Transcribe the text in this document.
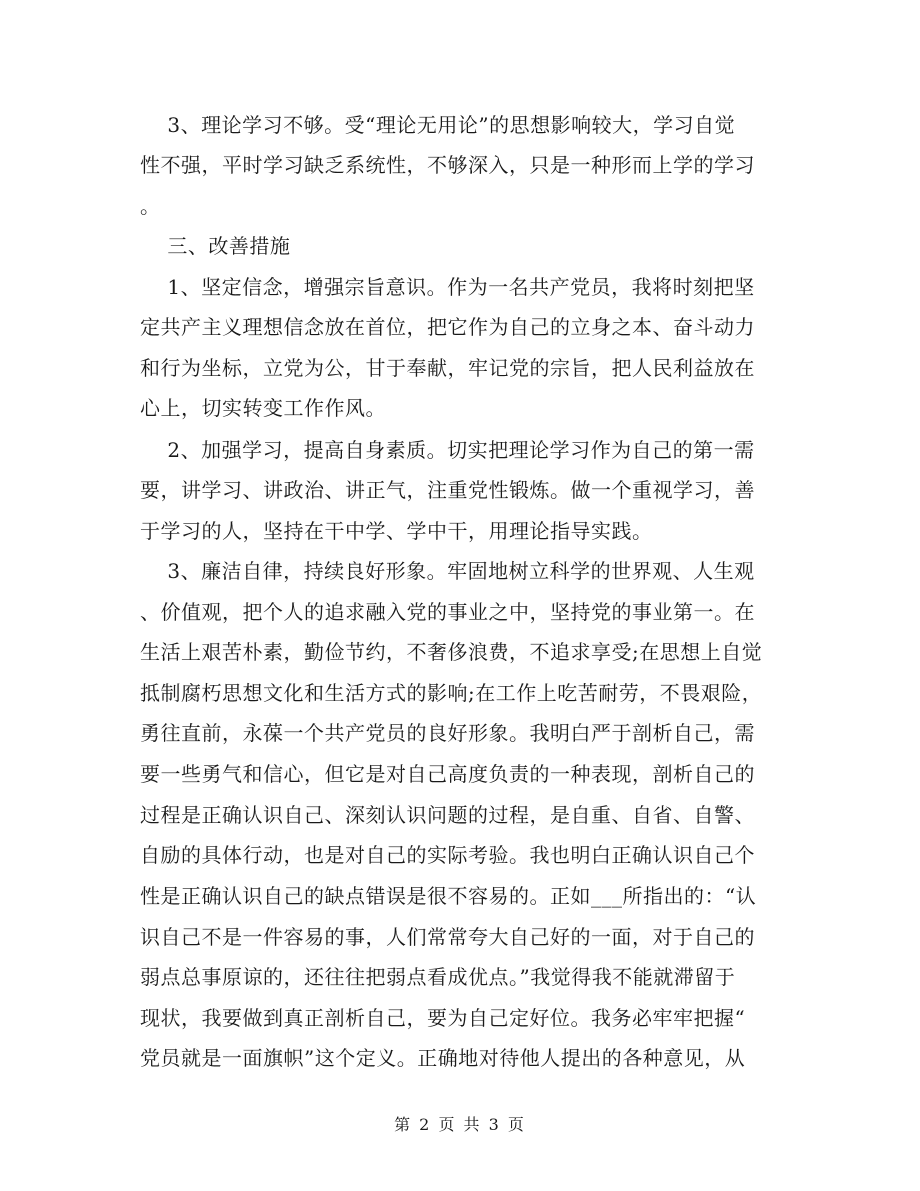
3、理论学习不够。受“理论无用论”的思想影响较大，学习自觉
性不强，平时学习缺乏系统性，不够深入，只是一种形而上学的学习
。
三、改善措施
1、坚定信念，增强宗旨意识。作为一名共产党员，我将时刻把坚
定共产主义理想信念放在首位，把它作为自己的立身之本、奋斗动力
和行为坐标，立党为公，甘于奉献，牢记党的宗旨，把人民利益放在
心上，切实转变工作作风。
2、加强学习，提高自身素质。切实把理论学习作为自己的第一需
要，讲学习、讲政治、讲正气，注重党性锻炼。做一个重视学习，善
于学习的人，坚持在干中学、学中干，用理论指导实践。
3、廉洁自律，持续良好形象。牢固地树立科学的世界观、人生观
、价值观，把个人的追求融入党的事业之中，坚持党的事业第一。在
生活上艰苦朴素，勤俭节约，不奢侈浪费，不追求享受;在思想上自觉
抵制腐朽思想文化和生活方式的影响;在工作上吃苦耐劳，不畏艰险，
勇往直前，永葆一个共产党员的良好形象。我明白严于剖析自己，需
要一些勇气和信心，但它是对自己高度负责的一种表现，剖析自己的
过程是正确认识自己、深刻认识问题的过程，是自重、自省、自警、
自励的具体行动，也是对自己的实际考验。我也明白正确认识自己个
性是正确认识自己的缺点错误是很不容易的。正如___所指出的：“认
识自己不是一件容易的事，人们常常夸大自己好的一面，对于自己的
弱点总事原谅的，还往往把弱点看成优点。”我觉得我不能就滞留于
现状，我要做到真正剖析自己，要为自己定好位。我务必牢牢把握“
党员就是一面旗帜”这个定义。正确地对待他人提出的各种意见，从
第 2 页 共 3 页
